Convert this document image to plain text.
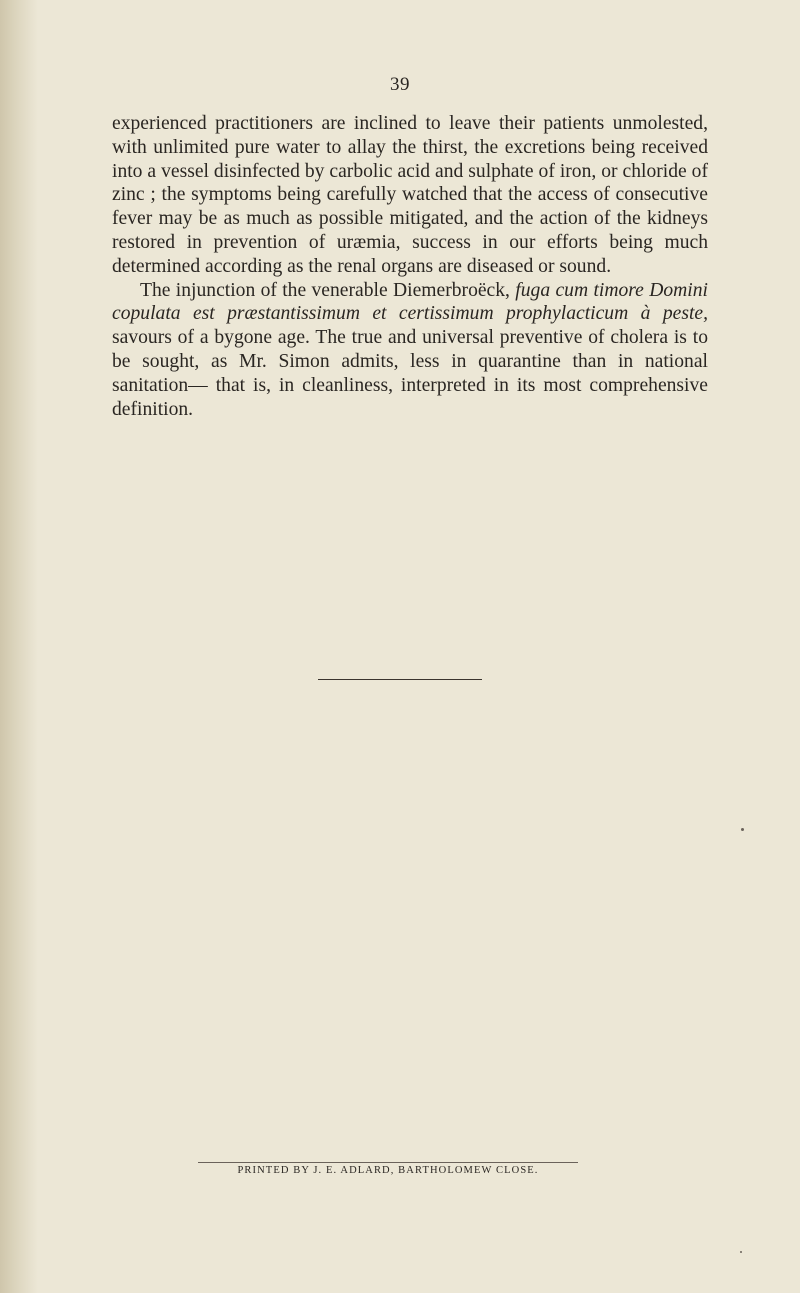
39

experienced practitioners are inclined to leave their patients unmolested, with unlimited pure water to allay the thirst, the excretions being received into a vessel disinfected by carbolic acid and sulphate of iron, or chloride of zinc ; the symptoms being carefully watched that the access of consecutive fever may be as much as possible mitigated, and the action of the kidneys restored in prevention of uræmia, success in our efforts being much determined according as the renal organs are diseased or sound.

The injunction of the venerable Diemerbroëck, fuga cum timore Domini copulata est præstantissimum et certissimum prophylacticum à peste, savours of a bygone age. The true and universal preventive of cholera is to be sought, as Mr. Simon admits, less in quarantine than in national sanitation— that is, in cleanliness, interpreted in its most comprehensive definition.

PRINTED BY J. E. ADLARD, BARTHOLOMEW CLOSE.
